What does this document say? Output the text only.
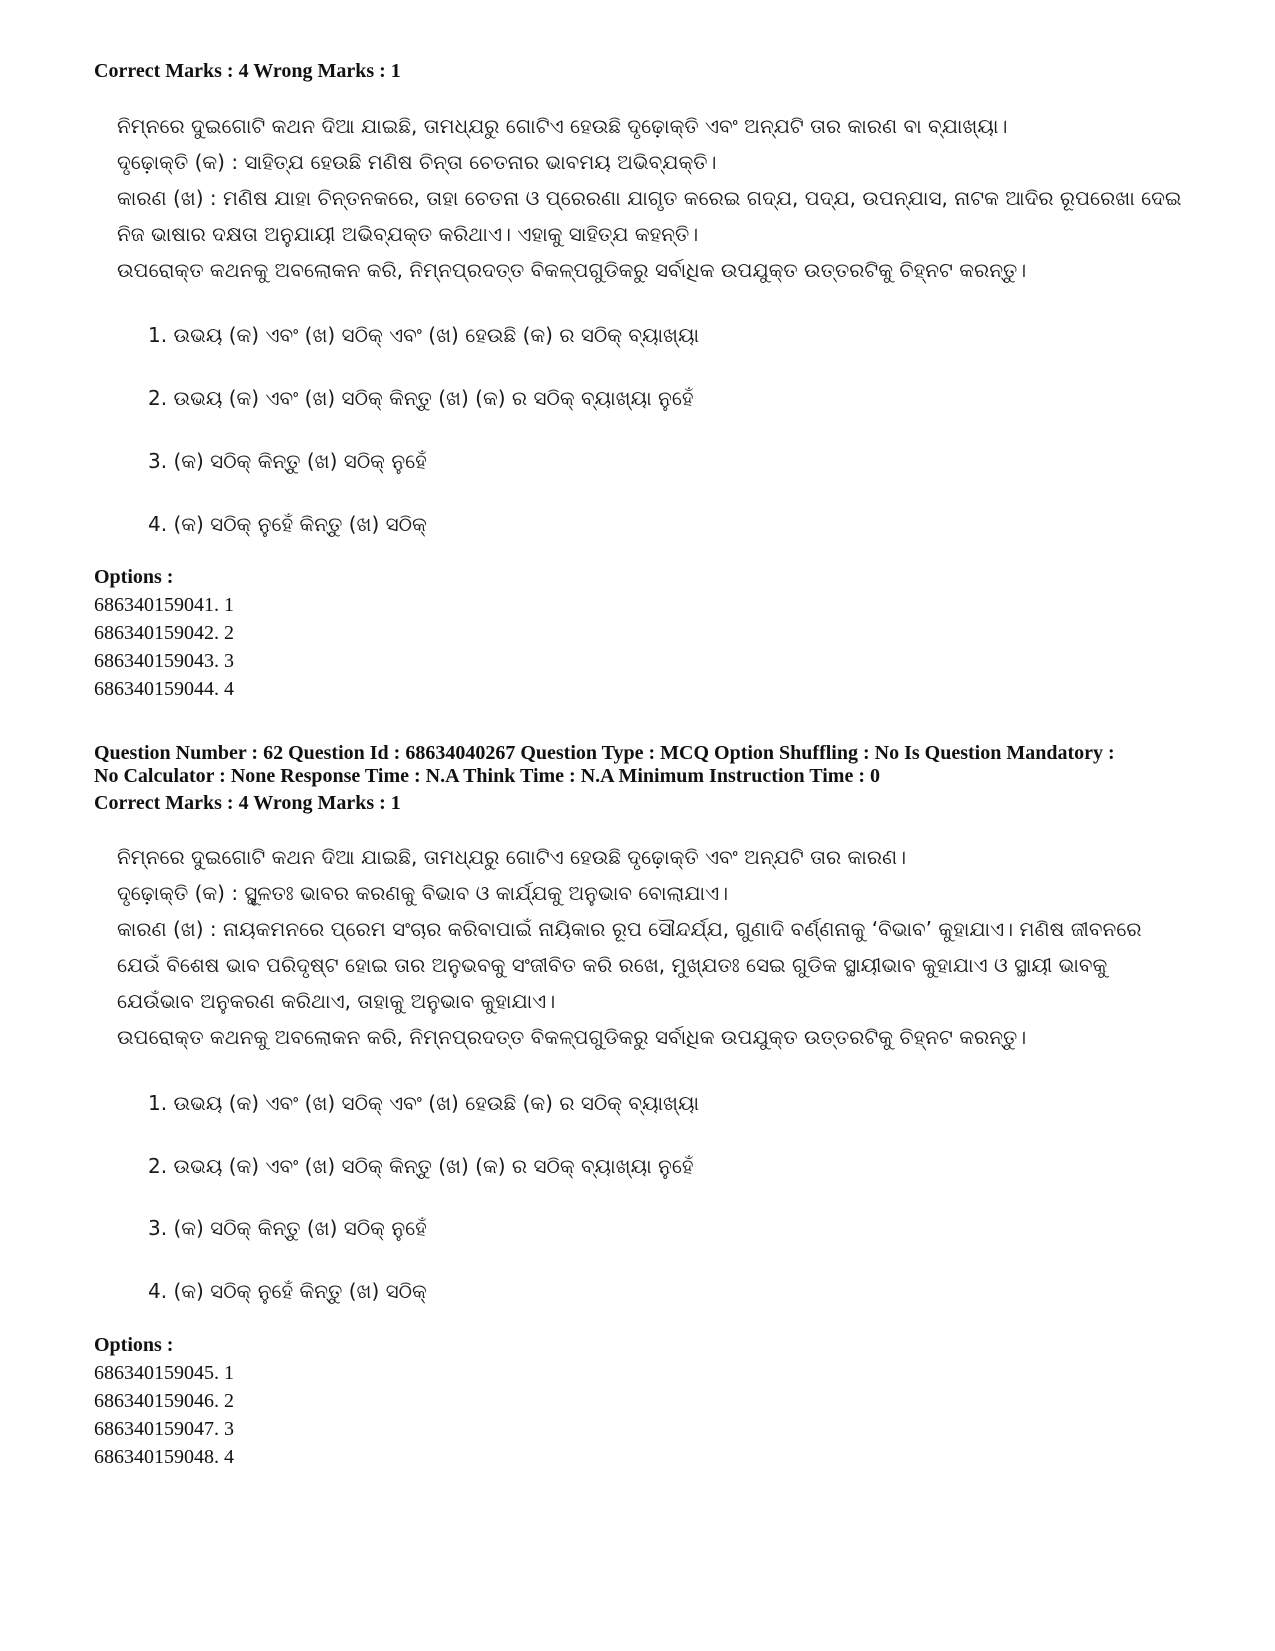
Correct Marks : 4 Wrong Marks : 1
ନିମ୍ନରେ ଦୁଇଗୋଟି କଥନ ଦିଆ ଯାଇଛି, ତାମଧ୍ଯରୁ ଗୋଟିଏ ହେଉଛି ଦୃଢ଼ୋକ୍ତି ଏବଂ ଅନ୍ଯଟି ତାର କାରଣ ବା ବ୍ଯାଖ୍ୟା।
ଦୃଢ଼ୋକ୍ତି (କ) : ସାହିତ୍ଯ ହେଉଛି ମଣିଷ ଚିନ୍ତା ଚେତନାର ଭାବମୟ ଅଭିବ୍ଯକ୍ତି।
କାରଣ (ଖ) : ମଣିଷ ଯାହା ଚିନ୍ତନକରେ, ତାହା ଚେତନା ଓ ପ୍ରେରଣା ଯାଗୃତ କରେଇ ଗଦ୍ଯ, ପଦ୍ଯ, ଉପନ୍ଯାସ, ନାଟକ ଆଦିର ରୂପରେଖା ଦେଇ
ନିଜ ଭାଷାର ଦକ୍ଷତା ଅନୁଯାୟୀ ଅଭିବ୍ଯକ୍ତ କରିଥାଏ। ଏହାକୁ ସାହିତ୍ଯ କହନ୍ତି।
ଉପରୋକ୍ତ କଥନକୁ ଅବଲୋକନ କରି, ନିମ୍ନପ୍ରଦତ୍ତ ବିକଳ୍ପଗୁଡିକରୁ ସର୍ବାଧିକ ଉପଯୁକ୍ତ ଉତ୍ତରଟିକୁ ଚିହ୍ନଟ କରନ୍ତୁ।
1. ଉଭୟ (କ) ଏବଂ (ଖ) ସଠିକ୍ ଏବଂ (ଖ) ହେଉଛି (କ) ର ସଠିକ୍ ବ୍ୟାଖ୍ୟା
2. ଉଭୟ (କ) ଏବଂ (ଖ) ସଠିକ୍ କିନ୍ତୁ (ଖ) (କ) ର ସଠିକ୍ ବ୍ୟାଖ୍ୟା ନୁହେଁ
3. (କ) ସଠିକ୍ କିନ୍ତୁ (ଖ) ସଠିକ୍ ନୁହେଁ
4. (କ) ସଠିକ୍ ନୁହେଁ କିନ୍ତୁ (ଖ) ସଠିକ୍
Options :
686340159041. 1
686340159042. 2
686340159043. 3
686340159044. 4
Question Number : 62 Question Id : 68634040267 Question Type : MCQ Option Shuffling : No Is Question Mandatory :
No Calculator : None Response Time : N.A Think Time : N.A Minimum Instruction Time : 0
Correct Marks : 4 Wrong Marks : 1
ନିମ୍ନରେ ଦୁଇଗୋଟି କଥନ ଦିଆ ଯାଇଛି, ତାମଧ୍ଯରୁ ଗୋଟିଏ ହେଉଛି ଦୃଢ଼ୋକ୍ତି ଏବଂ ଅନ୍ଯଟି ତାର କାରଣ।
ଦୃଢ଼ୋକ୍ତି (କ) : ସ୍ଥୂଳତଃ ଭାବର କରଣକୁ ବିଭାବ ଓ କାର୍ଯ୍ଯକୁ ଅନୁଭାବ ବୋଲାଯାଏ।
କାରଣ (ଖ) : ନାୟକମନରେ ପ୍ରେମ ସଂଚାର କରିବାପାଇଁ ନାୟିକାର ରୂପ ସୌନ୍ଦର୍ଯ୍ଯ, ଗୁଣାଦି ବର୍ଣ୍ଣନାକୁ ‘ବିଭାବ’ କୁହାଯାଏ। ମଣିଷ ଜୀବନରେ
ଯେଉଁ ବିଶେଷ ଭାବ ପରିଦୃଷ୍ଟ ହୋଇ ତାର ଅନୁଭବକୁ ସଂଜୀବିତ କରି ରଖେ, ମୁଖ୍ଯତଃ ସେଇ ଗୁଡିକ ସ୍ଥାୟୀଭାବ କୁହାଯାଏ ଓ ସ୍ଥାୟୀ ଭାବକୁ
ଯେଉଁଭାବ ଅନୁକରଣ କରିଥାଏ, ତାହାକୁ ଅନୁଭାବ କୁହାଯାଏ।
ଉପରୋକ୍ତ କଥନକୁ ଅବଲୋକନ କରି, ନିମ୍ନପ୍ରଦତ୍ତ ବିକଳ୍ପଗୁଡିକରୁ ସର୍ବାଧିକ ଉପଯୁକ୍ତ ଉତ୍ତରଟିକୁ ଚିହ୍ନଟ କରନ୍ତୁ।
1. ଉଭୟ (କ) ଏବଂ (ଖ) ସଠିକ୍ ଏବଂ (ଖ) ହେଉଛି (କ) ର ସଠିକ୍ ବ୍ୟାଖ୍ୟା
2. ଉଭୟ (କ) ଏବଂ (ଖ) ସଠିକ୍ କିନ୍ତୁ (ଖ) (କ) ର ସଠିକ୍ ବ୍ୟାଖ୍ୟା ନୁହେଁ
3. (କ) ସଠିକ୍ କିନ୍ତୁ (ଖ) ସଠିକ୍ ନୁହେଁ
4. (କ) ସଠିକ୍ ନୁହେଁ କିନ୍ତୁ (ଖ) ସଠିକ୍
Options :
686340159045. 1
686340159046. 2
686340159047. 3
686340159048. 4
